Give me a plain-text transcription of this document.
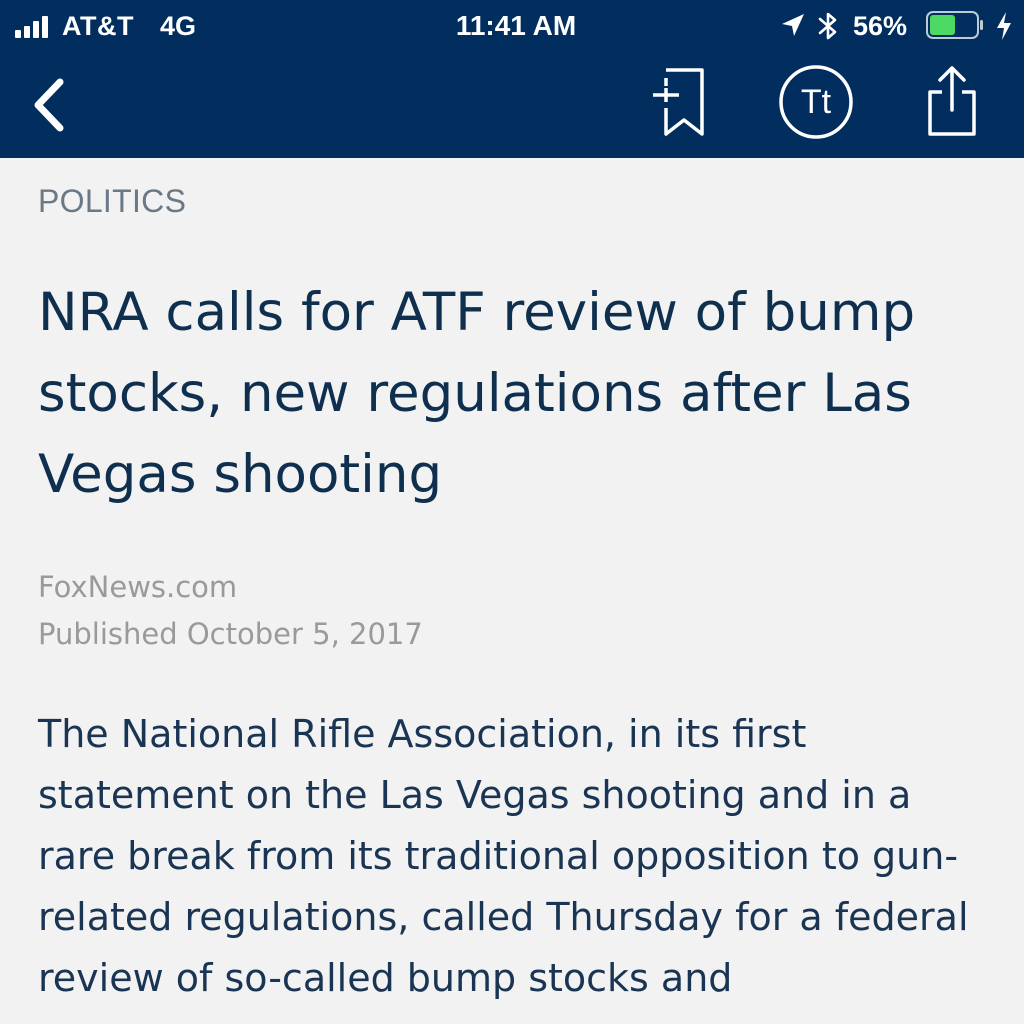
AT&T 4G	11:41 AM	56%
Tt
POLITICS
NRA calls for ATF review of bump stocks, new regulations after Las Vegas shooting
FoxNews.com
Published October 5, 2017

The National Rifle Association, in its first statement on the Las Vegas shooting and in a rare break from its traditional opposition to gun-related regulations, called Thursday for a federal review of so-called bump stocks and
